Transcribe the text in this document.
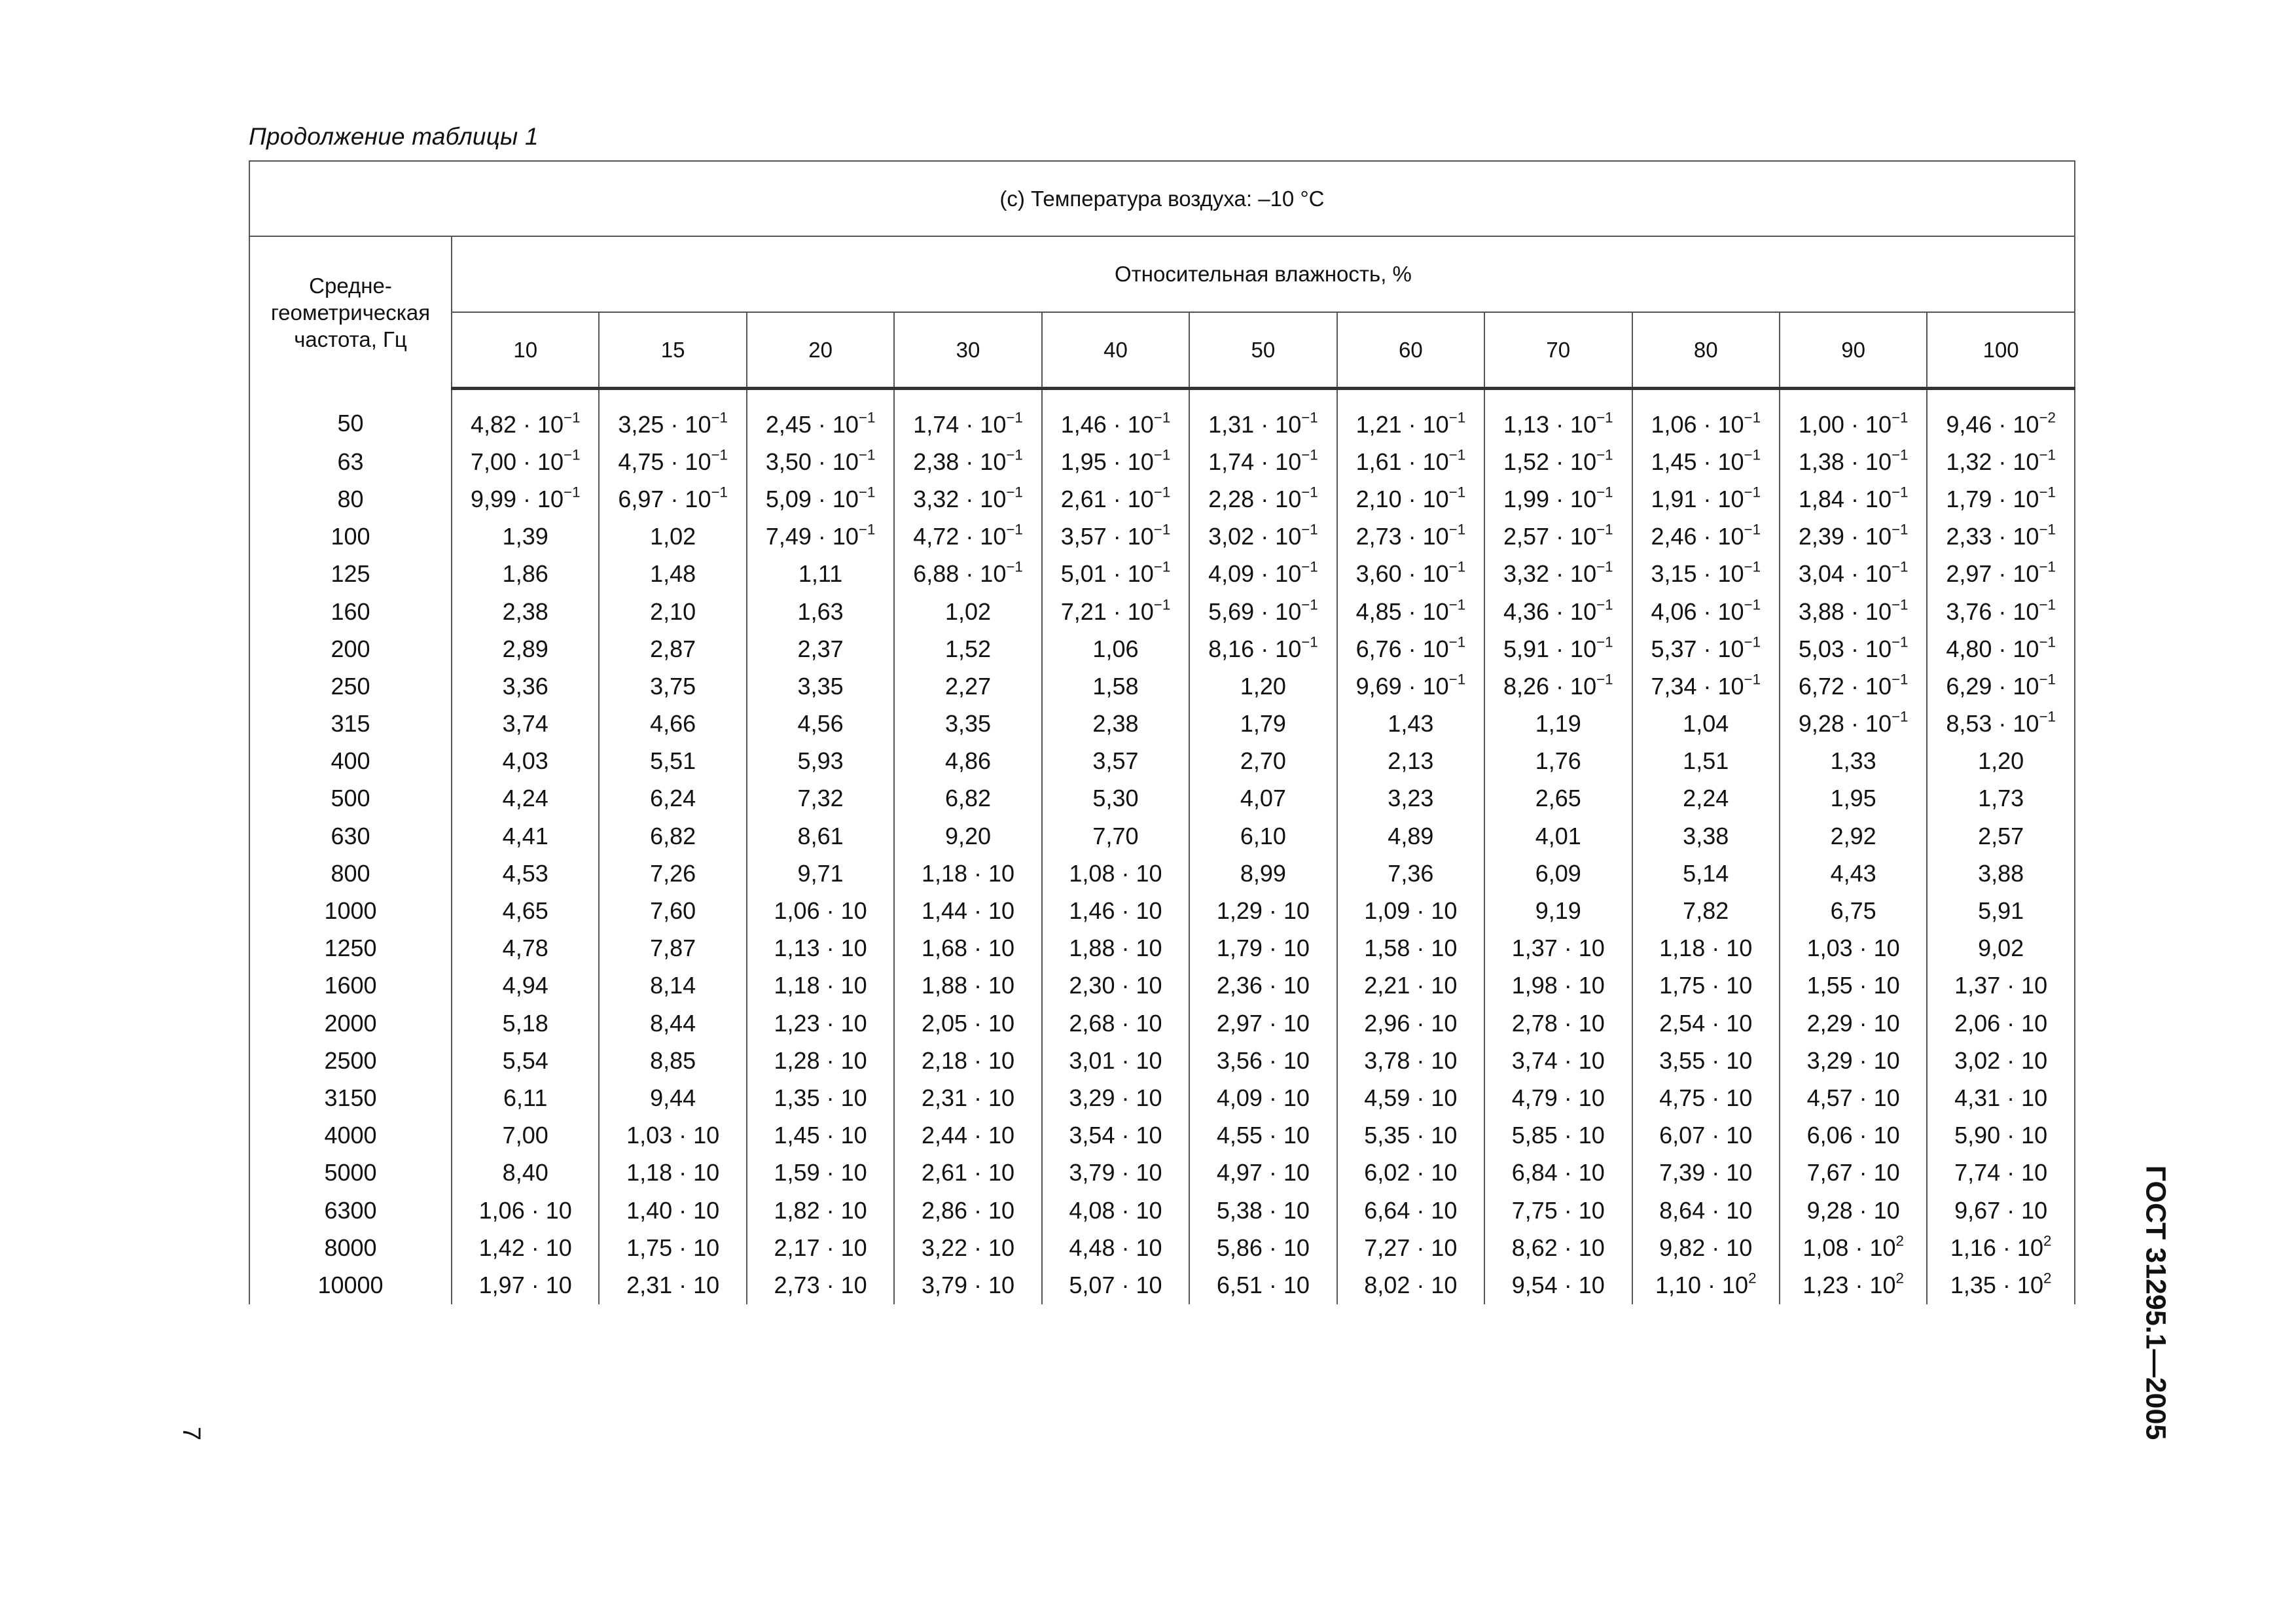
Продолжение таблицы 1
(c) Температура воздуха: –10 °C											
Средне-
геометрическая
частота, Гц	Относительная влажность, %										
	10	15	20	30	40	50	60	70	80	90	100
50	$4,82 \cdot 10^{-1}$	$3,25 \cdot 10^{-1}$	$2,45 \cdot 10^{-1}$	$1,74 \cdot 10^{-1}$	$1,46 \cdot 10^{-1}$	$1,31 \cdot 10^{-1}$	$1,21 \cdot 10^{-1}$	$1,13 \cdot 10^{-1}$	$1,06 \cdot 10^{-1}$	$1,00 \cdot 10^{-1}$	$9,46 \cdot 10^{-2}$
63	$7,00 \cdot 10^{-1}$	$4,75 \cdot 10^{-1}$	$3,50 \cdot 10^{-1}$	$2,38 \cdot 10^{-1}$	$1,95 \cdot 10^{-1}$	$1,74 \cdot 10^{-1}$	$1,61 \cdot 10^{-1}$	$1,52 \cdot 10^{-1}$	$1,45 \cdot 10^{-1}$	$1,38 \cdot 10^{-1}$	$1,32 \cdot 10^{-1}$
80	$9,99 \cdot 10^{-1}$	$6,97 \cdot 10^{-1}$	$5,09 \cdot 10^{-1}$	$3,32 \cdot 10^{-1}$	$2,61 \cdot 10^{-1}$	$2,28 \cdot 10^{-1}$	$2,10 \cdot 10^{-1}$	$1,99 \cdot 10^{-1}$	$1,91 \cdot 10^{-1}$	$1,84 \cdot 10^{-1}$	$1,79 \cdot 10^{-1}$
100	1,39	1,02	$7,49 \cdot 10^{-1}$	$4,72 \cdot 10^{-1}$	$3,57 \cdot 10^{-1}$	$3,02 \cdot 10^{-1}$	$2,73 \cdot 10^{-1}$	$2,57 \cdot 10^{-1}$	$2,46 \cdot 10^{-1}$	$2,39 \cdot 10^{-1}$	$2,33 \cdot 10^{-1}$
125	1,86	1,48	1,11	$6,88 \cdot 10^{-1}$	$5,01 \cdot 10^{-1}$	$4,09 \cdot 10^{-1}$	$3,60 \cdot 10^{-1}$	$3,32 \cdot 10^{-1}$	$3,15 \cdot 10^{-1}$	$3,04 \cdot 10^{-1}$	$2,97 \cdot 10^{-1}$
160	2,38	2,10	1,63	1,02	$7,21 \cdot 10^{-1}$	$5,69 \cdot 10^{-1}$	$4,85 \cdot 10^{-1}$	$4,36 \cdot 10^{-1}$	$4,06 \cdot 10^{-1}$	$3,88 \cdot 10^{-1}$	$3,76 \cdot 10^{-1}$
200	2,89	2,87	2,37	1,52	1,06	$8,16 \cdot 10^{-1}$	$6,76 \cdot 10^{-1}$	$5,91 \cdot 10^{-1}$	$5,37 \cdot 10^{-1}$	$5,03 \cdot 10^{-1}$	$4,80 \cdot 10^{-1}$
250	3,36	3,75	3,35	2,27	1,58	1,20	$9,69 \cdot 10^{-1}$	$8,26 \cdot 10^{-1}$	$7,34 \cdot 10^{-1}$	$6,72 \cdot 10^{-1}$	$6,29 \cdot 10^{-1}$
315	3,74	4,66	4,56	3,35	2,38	1,79	1,43	1,19	1,04	$9,28 \cdot 10^{-1}$	$8,53 \cdot 10^{-1}$
400	4,03	5,51	5,93	4,86	3,57	2,70	2,13	1,76	1,51	1,33	1,20
500	4,24	6,24	7,32	6,82	5,30	4,07	3,23	2,65	2,24	1,95	1,73
630	4,41	6,82	8,61	9,20	7,70	6,10	4,89	4,01	3,38	2,92	2,57
800	4,53	7,26	9,71	1,18 · 10	1,08 · 10	8,99	7,36	6,09	5,14	4,43	3,88
1000	4,65	7,60	1,06 · 10	1,44 · 10	1,46 · 10	1,29 · 10	1,09 · 10	9,19	7,82	6,75	5,91
1250	4,78	7,87	1,13 · 10	1,68 · 10	1,88 · 10	1,79 · 10	1,58 · 10	1,37 · 10	1,18 · 10	1,03 · 10	9,02
1600	4,94	8,14	1,18 · 10	1,88 · 10	2,30 · 10	2,36 · 10	2,21 · 10	1,98 · 10	1,75 · 10	1,55 · 10	1,37 · 10
2000	5,18	8,44	1,23 · 10	2,05 · 10	2,68 · 10	2,97 · 10	2,96 · 10	2,78 · 10	2,54 · 10	2,29 · 10	2,06 · 10
2500	5,54	8,85	1,28 · 10	2,18 · 10	3,01 · 10	3,56 · 10	3,78 · 10	3,74 · 10	3,55 · 10	3,29 · 10	3,02 · 10
3150	6,11	9,44	1,35 · 10	2,31 · 10	3,29 · 10	4,09 · 10	4,59 · 10	4,79 · 10	4,75 · 10	4,57 · 10	4,31 · 10
4000	7,00	1,03 · 10	1,45 · 10	2,44 · 10	3,54 · 10	4,55 · 10	5,35 · 10	5,85 · 10	6,07 · 10	6,06 · 10	5,90 · 10
5000	8,40	1,18 · 10	1,59 · 10	2,61 · 10	3,79 · 10	4,97 · 10	6,02 · 10	6,84 · 10	7,39 · 10	7,67 · 10	7,74 · 10
6300	1,06 · 10	1,40 · 10	1,82 · 10	2,86 · 10	4,08 · 10	5,38 · 10	6,64 · 10	7,75 · 10	8,64 · 10	9,28 · 10	9,67 · 10
8000	1,42 · 10	1,75 · 10	2,17 · 10	3,22 · 10	4,48 · 10	5,86 · 10	7,27 · 10	8,62 · 10	9,82 · 10	$1,08 \cdot 10^2$	$1,16 \cdot 10^2$
10000	1,97 · 10	2,31 · 10	2,73 · 10	3,79 · 10	5,07 · 10	6,51 · 10	8,02 · 10	9,54 · 10	$1,10 \cdot 10^2$	$1,23 \cdot 10^2$	$1,35 \cdot 10^2$	ГОСТ 31295.1—2005
7
